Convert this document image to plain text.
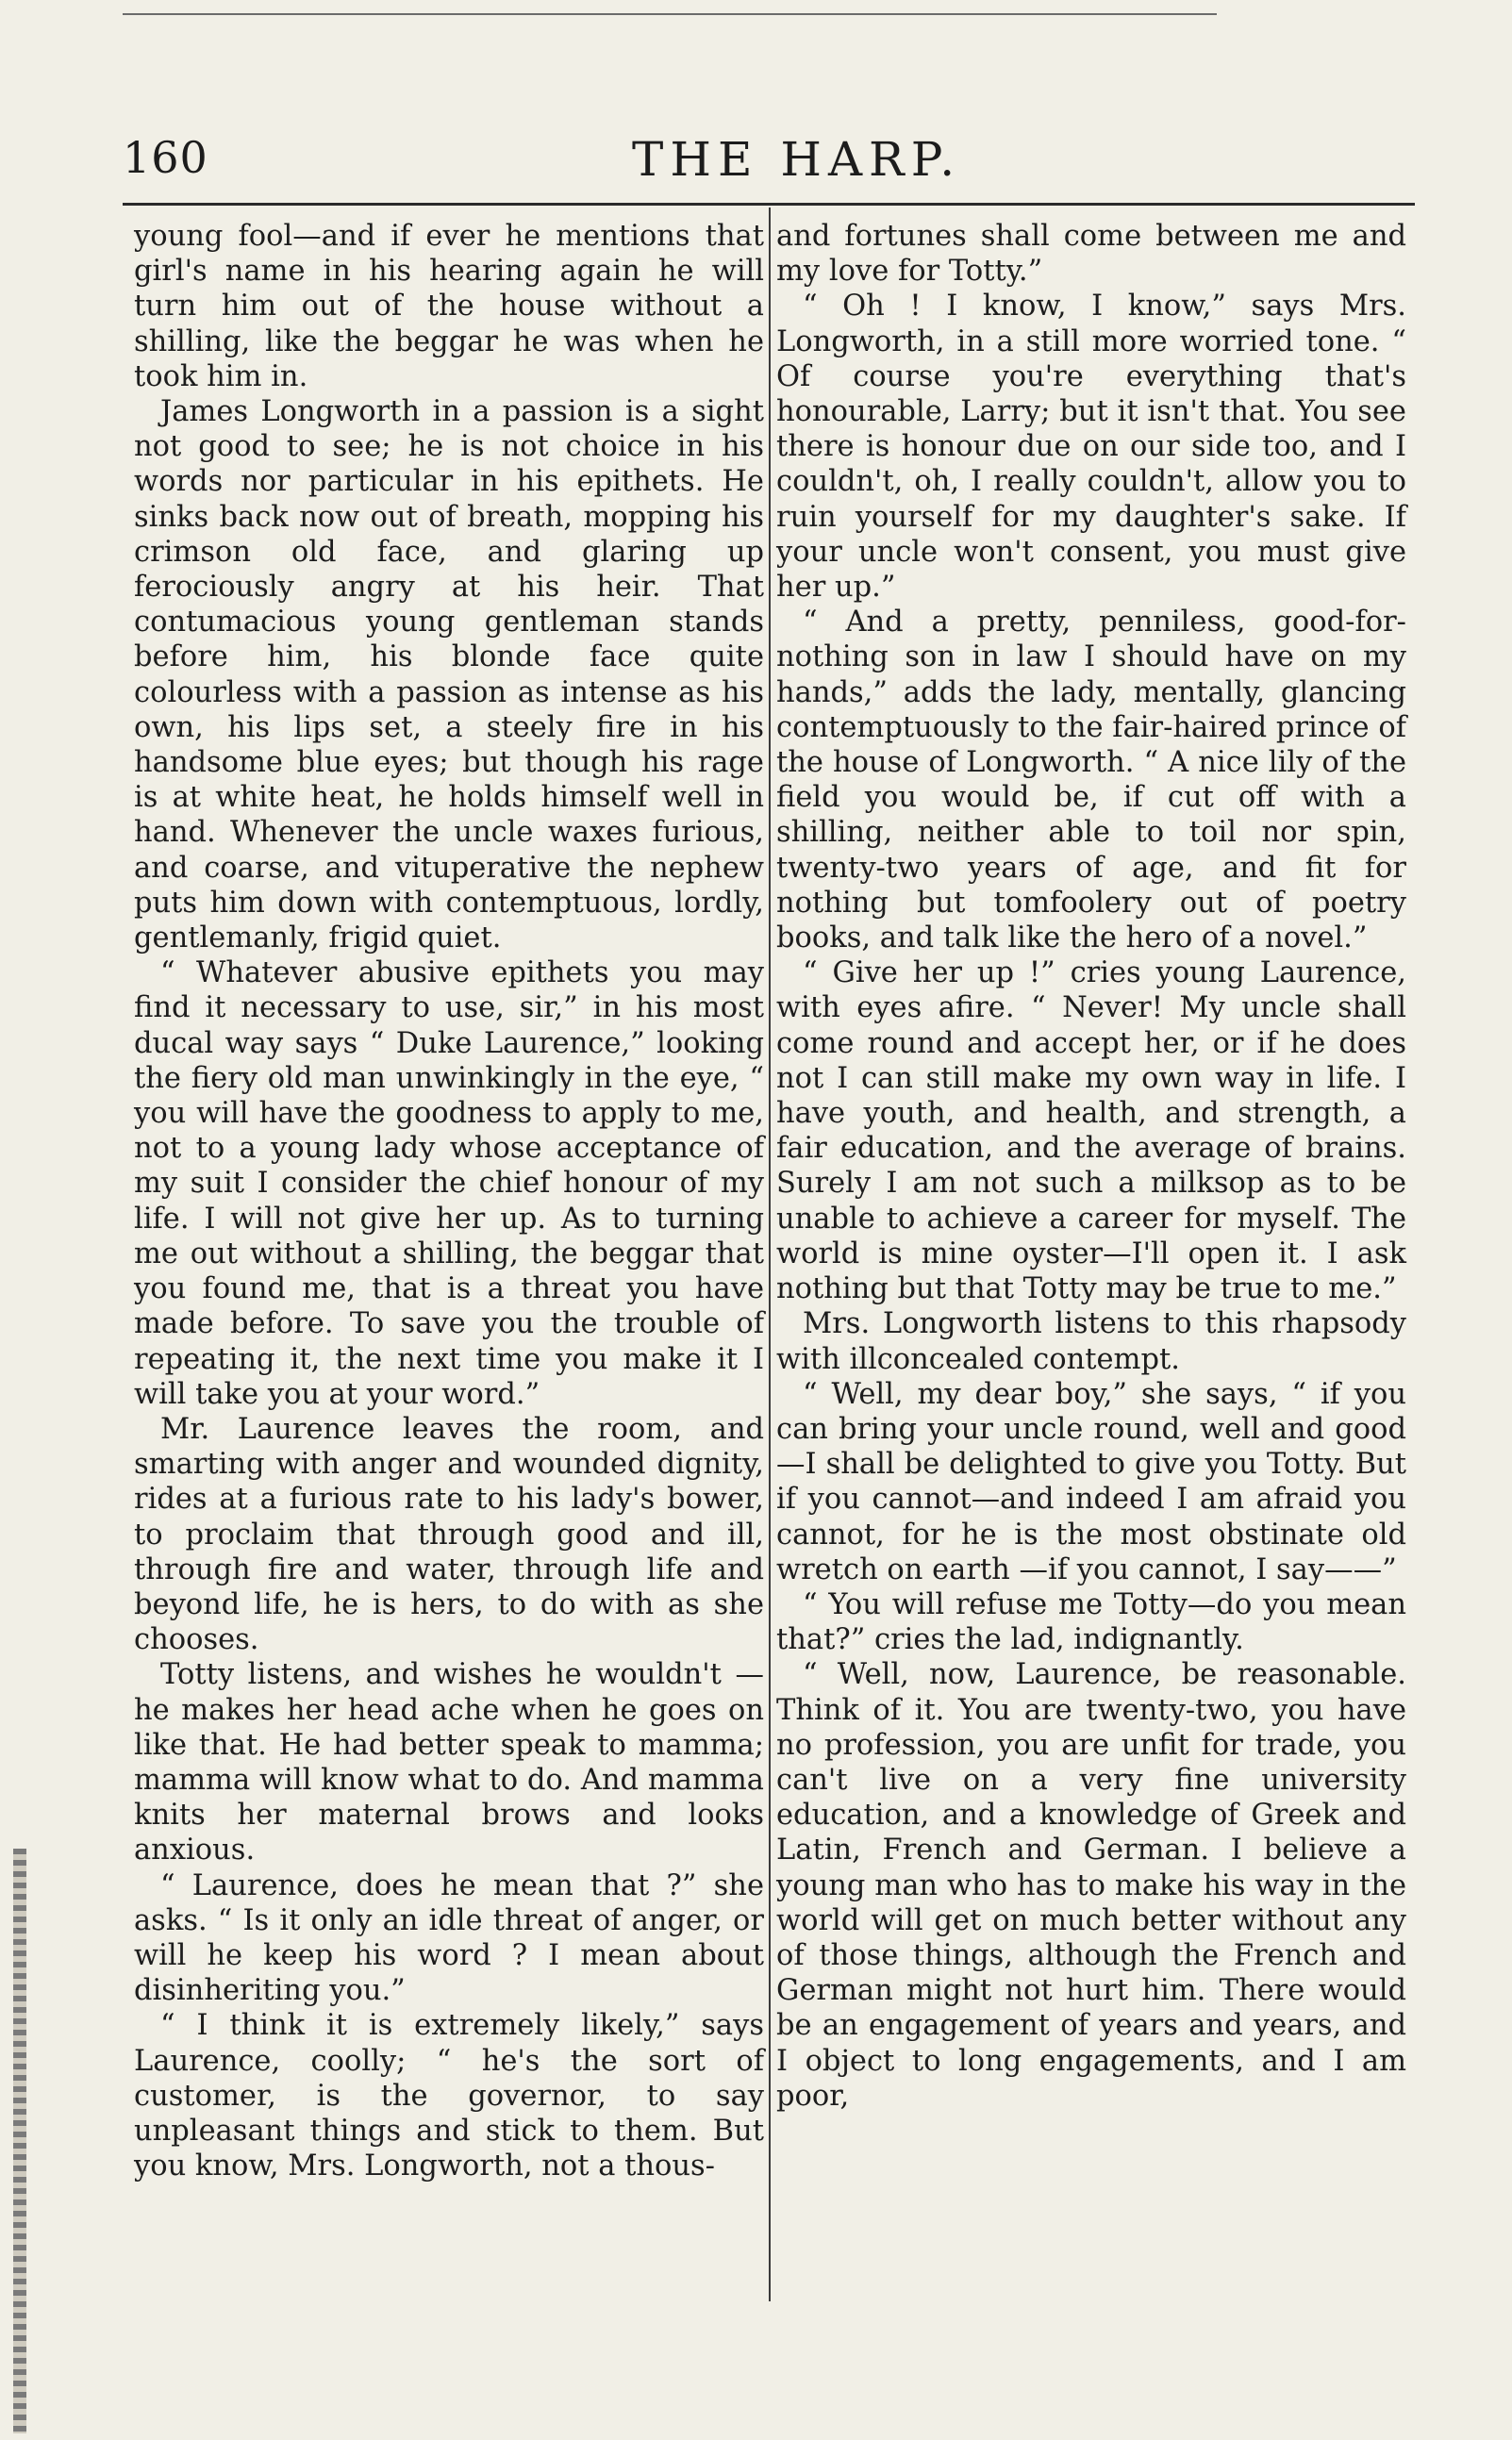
160	THE HARP.

young fool—and if ever he mentions that girl's name in his hearing again he will turn him out of the house without a shilling, like the beggar he was when he took him in.

James Longworth in a passion is a sight not good to see; he is not choice in his words nor particular in his epithets. He sinks back now out of breath, mopping his crimson old face, and glaring up ferociously angry at his heir. That contumacious young gentleman stands before him, his blonde face quite colourless with a passion as intense as his own, his lips set, a steely fire in his handsome blue eyes; but though his rage is at white heat, he holds himself well in hand. Whenever the uncle waxes furious, and coarse, and vituperative the nephew puts him down with contemptuous, lordly, gentlemanly, frigid quiet.

“ Whatever abusive epithets you may find it necessary to use, sir,” in his most ducal way says “ Duke Laurence,” looking the fiery old man unwinkingly in the eye, “ you will have the goodness to apply to me, not to a young lady whose acceptance of my suit I consider the chief honour of my life. I will not give her up. As to turning me out without a shilling, the beggar that you found me, that is a threat you have made before. To save you the trouble of repeating it, the next time you make it I will take you at your word.”

Mr. Laurence leaves the room, and smarting with anger and wounded dignity, rides at a furious rate to his lady's bower, to proclaim that through good and ill, through fire and water, through life and beyond life, he is hers, to do with as she chooses.

Totty listens, and wishes he wouldn't —he makes her head ache when he goes on like that. He had better speak to mamma; mamma will know what to do. And mamma knits her maternal brows and looks anxious.

“ Laurence, does he mean that ?” she asks. “ Is it only an idle threat of anger, or will he keep his word ? I mean about disinheriting you.”

“ I think it is extremely likely,” says Laurence, coolly; “ he's the sort of customer, is the governor, to say unpleasant things and stick to them. But you know, Mrs. Longworth, not a thous-

and fortunes shall come between me and my love for Totty.”

“ Oh ! I know, I know,” says Mrs. Longworth, in a still more worried tone. “ Of course you're everything that's honourable, Larry; but it isn't that. You see there is honour due on our side too, and I couldn't, oh, I really couldn't, allow you to ruin yourself for my daughter's sake. If your uncle won't consent, you must give her up.”

“ And a pretty, penniless, good-for-nothing son in law I should have on my hands,” adds the lady, mentally, glancing contemptuously to the fair-haired prince of the house of Longworth. “ A nice lily of the field you would be, if cut off with a shilling, neither able to toil nor spin, twenty-two years of age, and fit for nothing but tomfoolery out of poetry books, and talk like the hero of a novel.”

“ Give her up !” cries young Laurence, with eyes afire. “ Never! My uncle shall come round and accept her, or if he does not I can still make my own way in life. I have youth, and health, and strength, a fair education, and the average of brains. Surely I am not such a milksop as to be unable to achieve a career for myself. The world is mine oyster—I'll open it. I ask nothing but that Totty may be true to me.”

Mrs. Longworth listens to this rhapsody with illconcealed contempt.

“ Well, my dear boy,” she says, “ if you can bring your uncle round, well and good—I shall be delighted to give you Totty. But if you cannot—and indeed I am afraid you cannot, for he is the most obstinate old wretch on earth —if you cannot, I say——”

“ You will refuse me Totty—do you mean that?” cries the lad, indignantly.

“ Well, now, Laurence, be reasonable. Think of it. You are twenty-two, you have no profession, you are unfit for trade, you can't live on a very fine university education, and a knowledge of Greek and Latin, French and German. I believe a young man who has to make his way in the world will get on much better without any of those things, although the French and German might not hurt him. There would be an engagement of years and years, and I object to long engagements, and I am poor,
